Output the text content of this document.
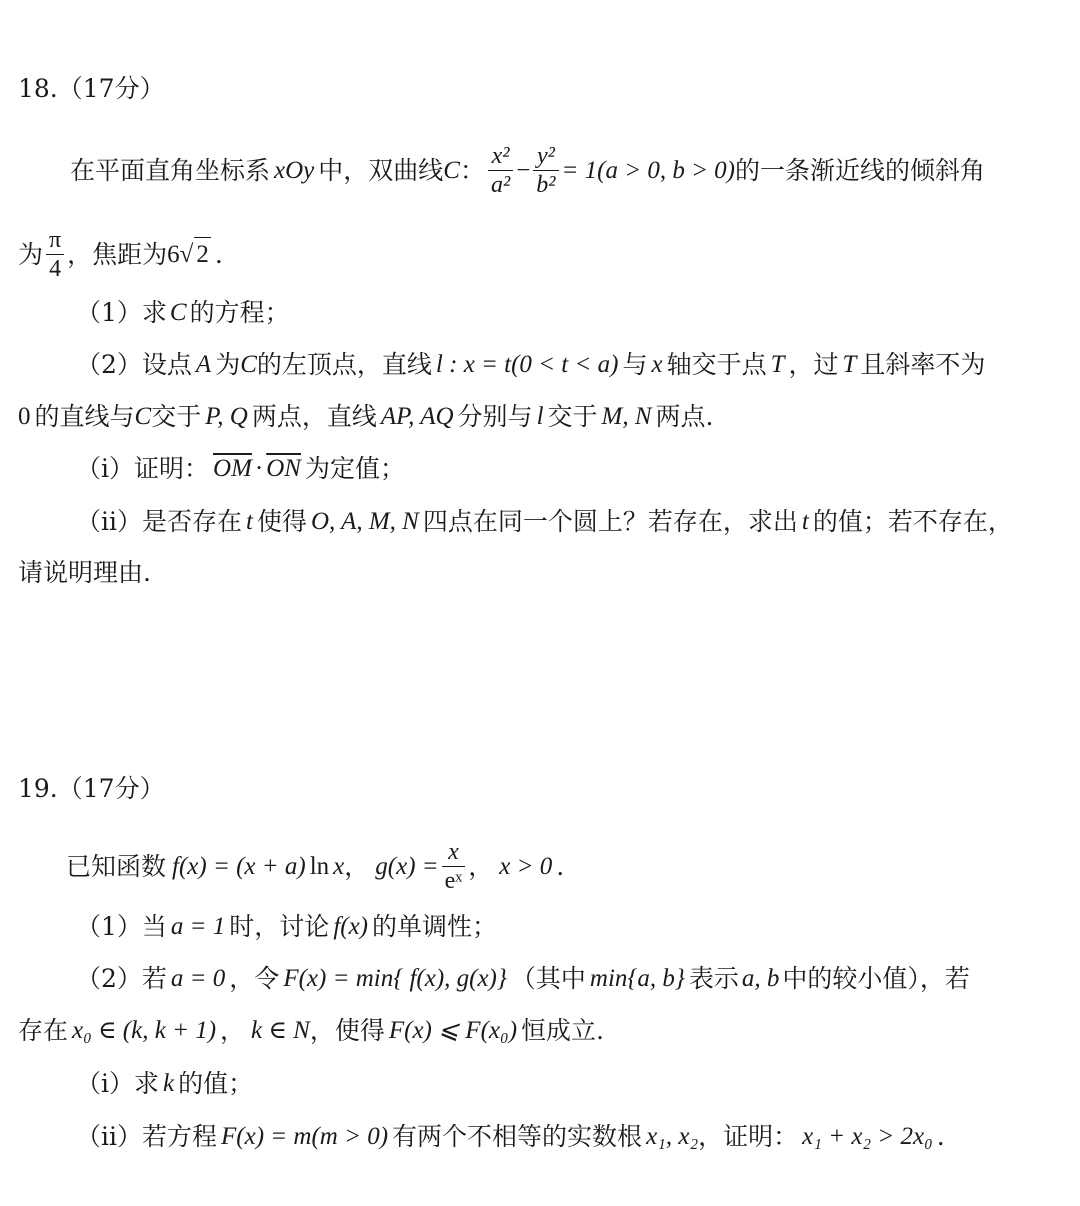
18.（17分）
在平面直角坐标系 xOy 中，双曲线 C ： $\frac{\text{x²}}{\text{a²}} - \frac{\text{y²}}{\text{b²}} = 1(a > 0$, b > 0) 的一条渐近线的倾斜角
为 $\frac{\pi}{4}$ ，焦距为 6 √ 2 .
（1） 求 C 的方程；
（2） 设点 A 为 C 的左顶点，直线 l : x = t(0 < t < a) 与 x 轴交于点 T ，过 T 且斜率不为
0 的直线与 C 交于 P, Q 两点，直线 AP, AQ 分别与 l 交于 M, N 两点.
（i） 证明： $\overline{OM} \cdot \overline{ON}$ 为定值；
（ii） 是否存在 t 使得 O, A, M, N 四点在同一个圆上？若存在，求出 t 的值；若不存在，
请说明理由.
19.（17分）
已知函数 f(x) = (x + a) ln x ， $g(x) = \frac{x}{\text{eˣ}}$ ， x > 0 .
（1） 当 a = 1 时，讨论 f(x) 的单调性；
（2） 若 a = 0 ，令 F(x) = min{ f(x), g(x)} （其中 min{a, b} 表示 a, b 中的较小值），若
存在 x₀ ∈ (k, k + 1) ， k ∈ N ，使得 F(x) ⩽ F(x₀) 恒成立.
（i） 求 k 的值；
（ii） 若方程 F(x) = m(m > 0) 有两个不相等的实数根 x₁, x₂ ，证明： x₁ + x₂ > 2x₀ .
